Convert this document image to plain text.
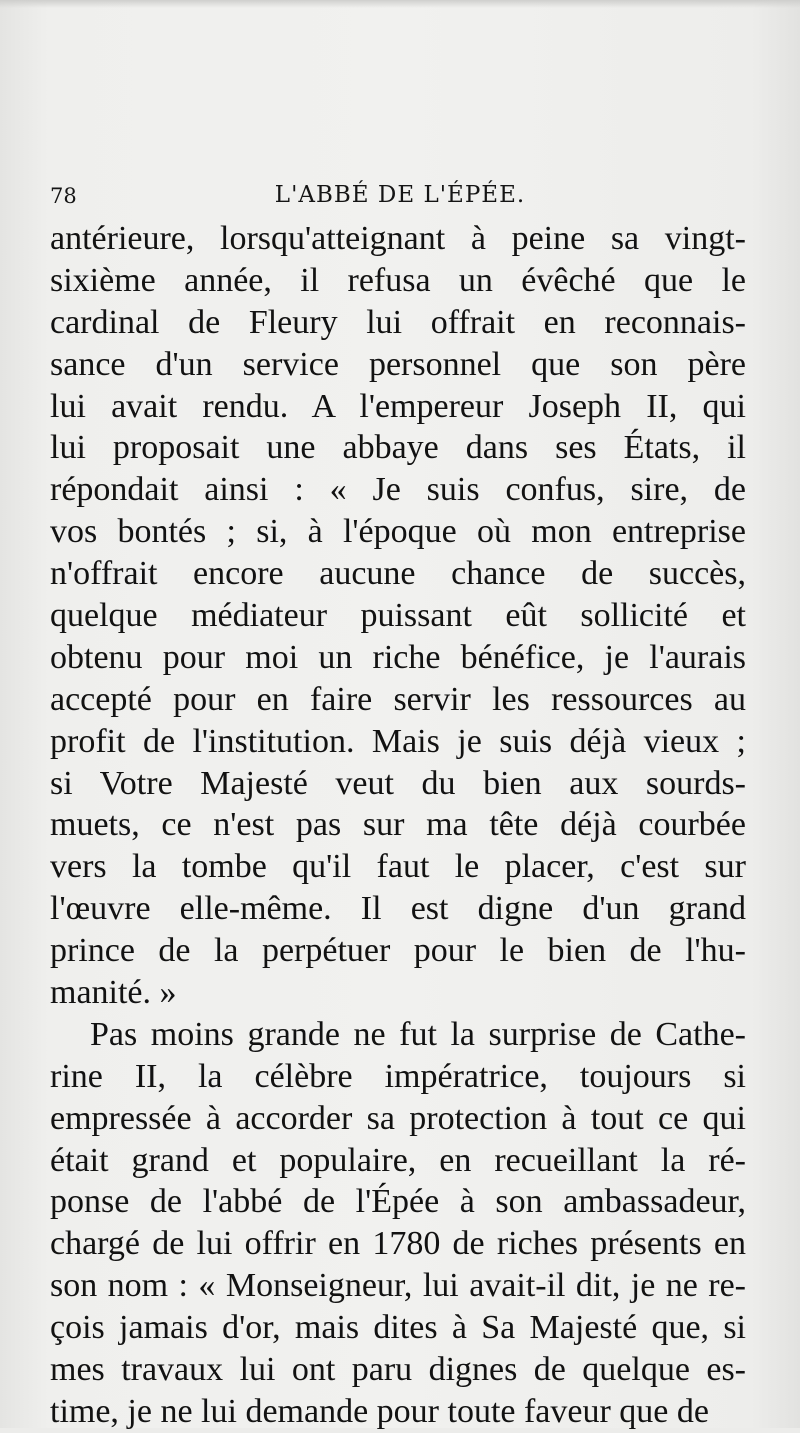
78	L'ABBÉ DE L'ÉPÉE.
antérieure, lorsqu'atteignant à peine sa vingt-
sixième année, il refusa un évêché que le
cardinal de Fleury lui offrait en reconnais-
sance d'un service personnel que son père
lui avait rendu. A l'empereur Joseph II, qui
lui proposait une abbaye dans ses États, il
répondait ainsi : « Je suis confus, sire, de
vos bontés ; si, à l'époque où mon entreprise
n'offrait encore aucune chance de succès,
quelque médiateur puissant eût sollicité et
obtenu pour moi un riche bénéfice, je l'aurais
accepté pour en faire servir les ressources au
profit de l'institution. Mais je suis déjà vieux ;
si Votre Majesté veut du bien aux sourds-
muets, ce n'est pas sur ma tête déjà courbée
vers la tombe qu'il faut le placer, c'est sur
l'œuvre elle-même. Il est digne d'un grand
prince de la perpétuer pour le bien de l'hu-
manité. »
Pas moins grande ne fut la surprise de Cathe-
rine II, la célèbre impératrice, toujours si
empressée à accorder sa protection à tout ce qui
était grand et populaire, en recueillant la ré-
ponse de l'abbé de l'Épée à son ambassadeur,
chargé de lui offrir en 1780 de riches présents en
son nom : « Monseigneur, lui avait-il dit, je ne re-
çois jamais d'or, mais dites à Sa Majesté que, si
mes travaux lui ont paru dignes de quelque es-
time, je ne lui demande pour toute faveur que de
